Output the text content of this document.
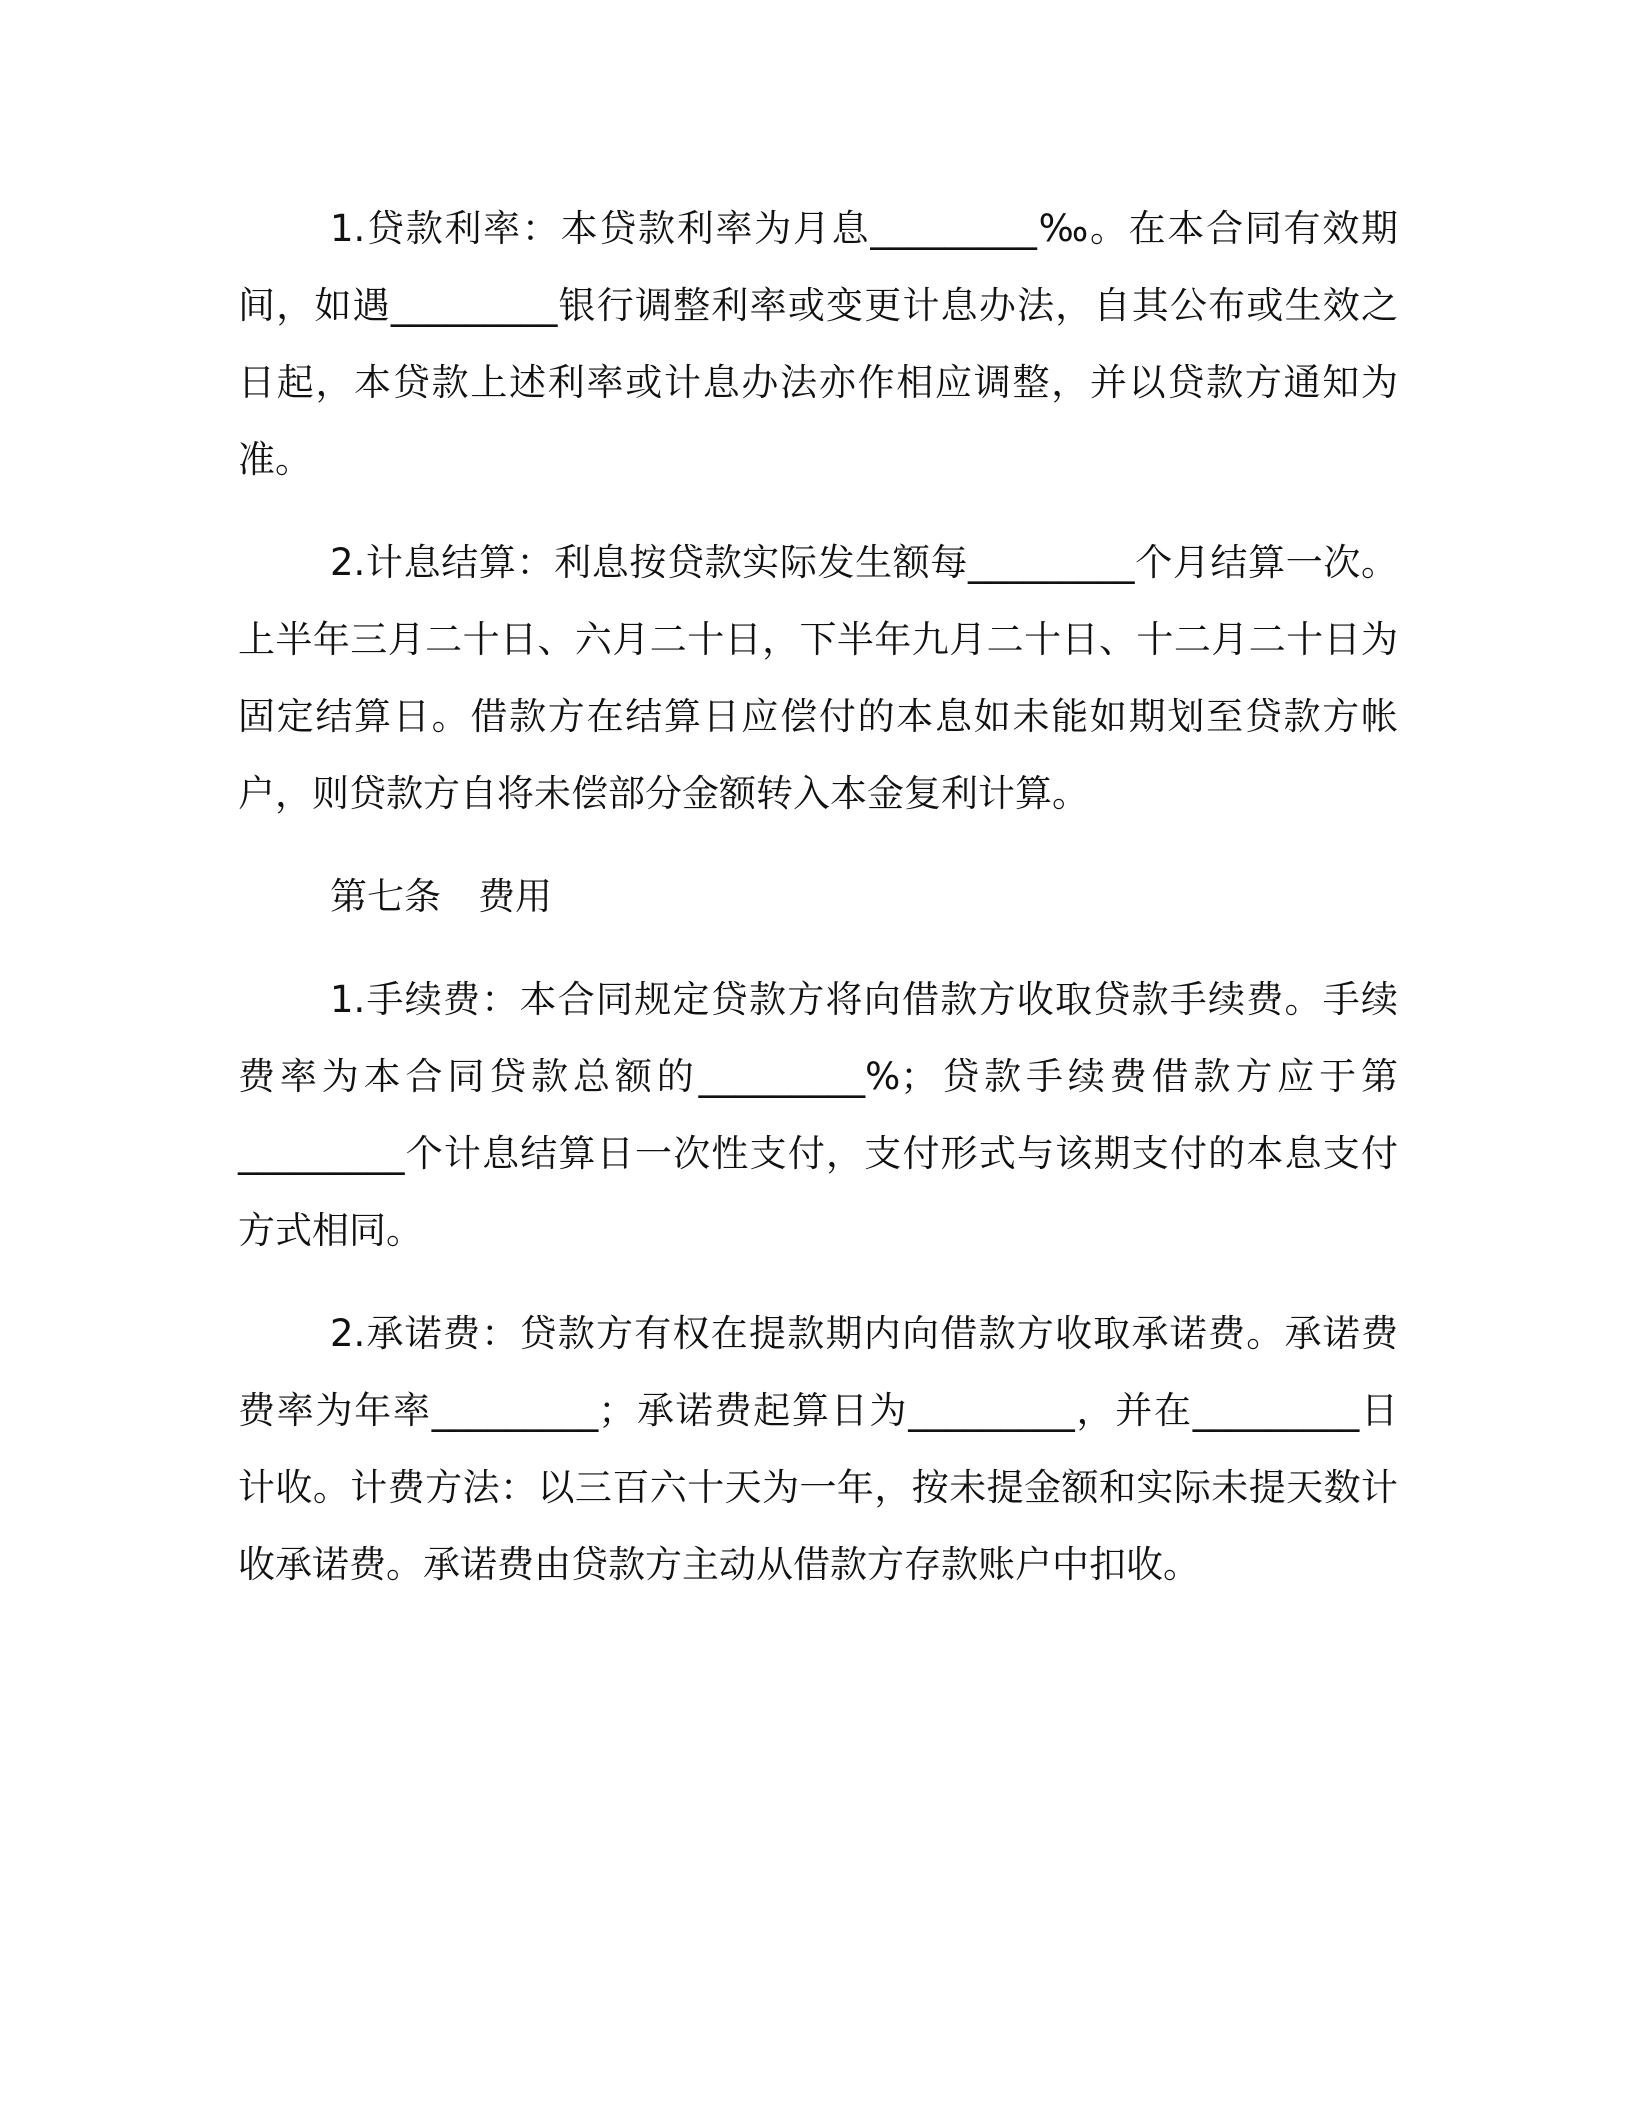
1.贷款利率：本贷款利率为月息_________‰。在本合同有效期间，如遇_________银行调整利率或变更计息办法，自其公布或生效之日起，本贷款上述利率或计息办法亦作相应调整，并以贷款方通知为准。

2.计息结算：利息按贷款实际发生额每_________个月结算一次。上半年三月二十日、六月二十日，下半年九月二十日、十二月二十日为固定结算日。借款方在结算日应偿付的本息如未能如期划至贷款方帐户，则贷款方自将未偿部分金额转入本金复利计算。

第七条　费用

1.手续费：本合同规定贷款方将向借款方收取贷款手续费。手续费率为本合同贷款总额的_________%；贷款手续费借款方应于第_________个计息结算日一次性支付，支付形式与该期支付的本息支付方式相同。

2.承诺费：贷款方有权在提款期内向借款方收取承诺费。承诺费费率为年率_________；承诺费起算日为_________，并在_________日计收。计费方法：以三百六十天为一年，按未提金额和实际未提天数计收承诺费。承诺费由贷款方主动从借款方存款账户中扣收。
